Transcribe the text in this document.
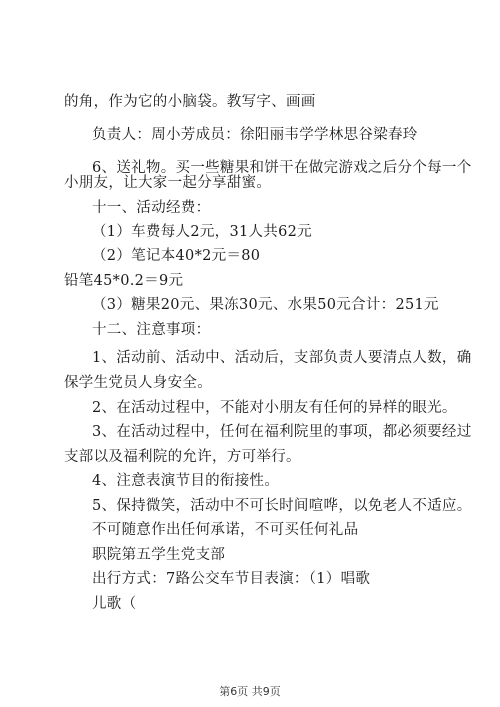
的角，作为它的小脑袋。教写字、画画
负责人：周小芳成员：徐阳丽韦学学林思谷梁春玲
6、送礼物。买一些糖果和饼干在做完游戏之后分个每一个
小朋友，让大家一起分享甜蜜。
十一、活动经费：
（1）车费每人2元，31人共62元
（2）笔记本40*2元＝80
铅笔45*0.2＝9元
（3）糖果20元、果冻30元、水果50元合计：251元
十二、注意事项：
1、活动前、活动中、活动后，支部负责人要清点人数，确
保学生党员人身安全。
2、在活动过程中，不能对小朋友有任何的异样的眼光。
3、在活动过程中，任何在福利院里的事项，都必须要经过
支部以及福利院的允许，方可举行。
4、注意表演节目的衔接性。
5、保持微笑，活动中不可长时间喧哗，以免老人不适应。
不可随意作出任何承诺，不可买任何礼品
职院第五学生党支部
出行方式：7路公交车节目表演：（1）唱歌
儿歌（
第6页 共9页
